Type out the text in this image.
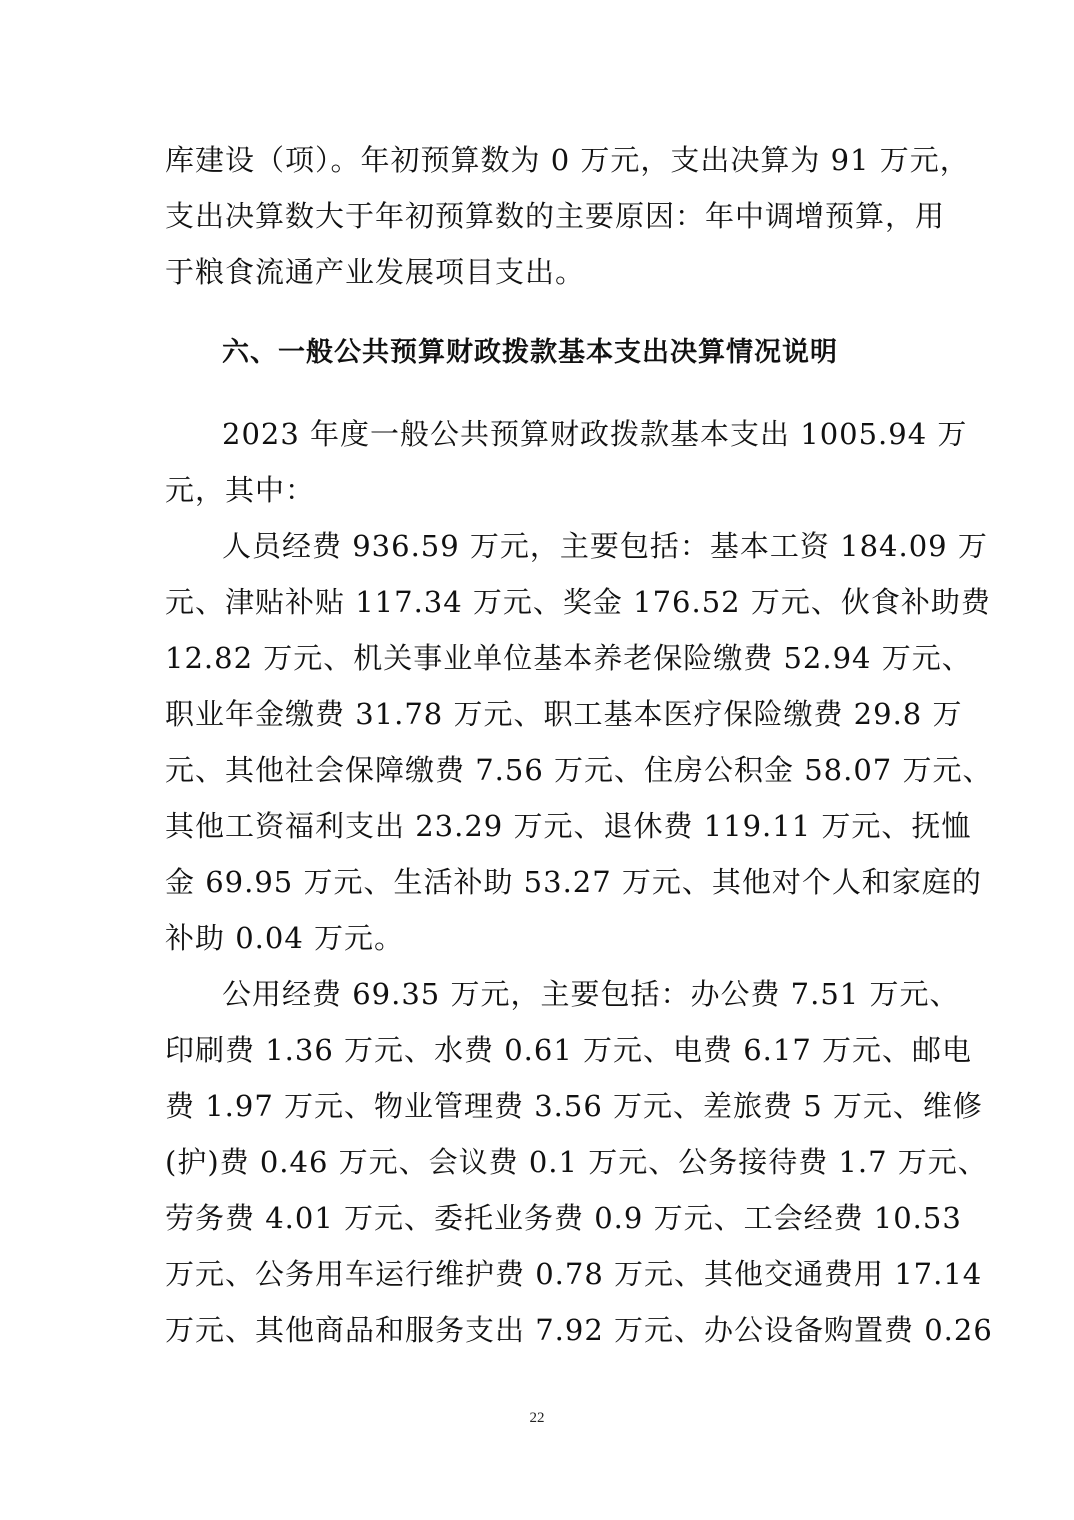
库建设（项）。年初预算数为 0 万元，支出决算为 91 万元，
支出决算数大于年初预算数的主要原因：年中调增预算，用
于粮食流通产业发展项目支出。
六、一般公共预算财政拨款基本支出决算情况说明
2023 年度一般公共预算财政拨款基本支出 1005.94 万
元，其中：
人员经费 936.59 万元，主要包括：基本工资 184.09 万
元、津贴补贴 117.34 万元、奖金 176.52 万元、伙食补助费
12.82 万元、机关事业单位基本养老保险缴费 52.94 万元、
职业年金缴费 31.78 万元、职工基本医疗保险缴费 29.8 万
元、其他社会保障缴费 7.56 万元、住房公积金 58.07 万元、
其他工资福利支出 23.29 万元、退休费 119.11 万元、抚恤
金 69.95 万元、生活补助 53.27 万元、其他对个人和家庭的
补助 0.04 万元。
公用经费 69.35 万元，主要包括：办公费 7.51 万元、
印刷费 1.36 万元、水费 0.61 万元、电费 6.17 万元、邮电
费 1.97 万元、物业管理费 3.56 万元、差旅费 5 万元、维修
(护)费 0.46 万元、会议费 0.1 万元、公务接待费 1.7 万元、
劳务费 4.01 万元、委托业务费 0.9 万元、工会经费 10.53
万元、公务用车运行维护费 0.78 万元、其他交通费用 17.14
万元、其他商品和服务支出 7.92 万元、办公设备购置费 0.26
22
